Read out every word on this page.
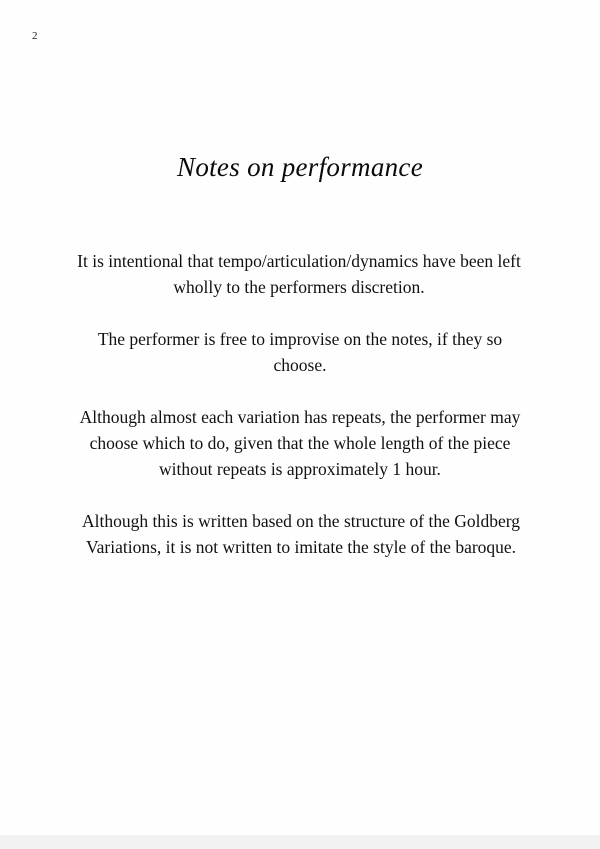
2
Notes on performance

It is intentional that tempo/articulation/dynamics have been left wholly to the performers discretion.

The performer is free to improvise on the notes, if they so choose.

Although almost each variation has repeats, the performer may choose which to do, given that the whole length of the piece without repeats is approximately 1 hour.

Although this is written based on the structure of the Goldberg Variations, it is not written to imitate the style of the baroque.
